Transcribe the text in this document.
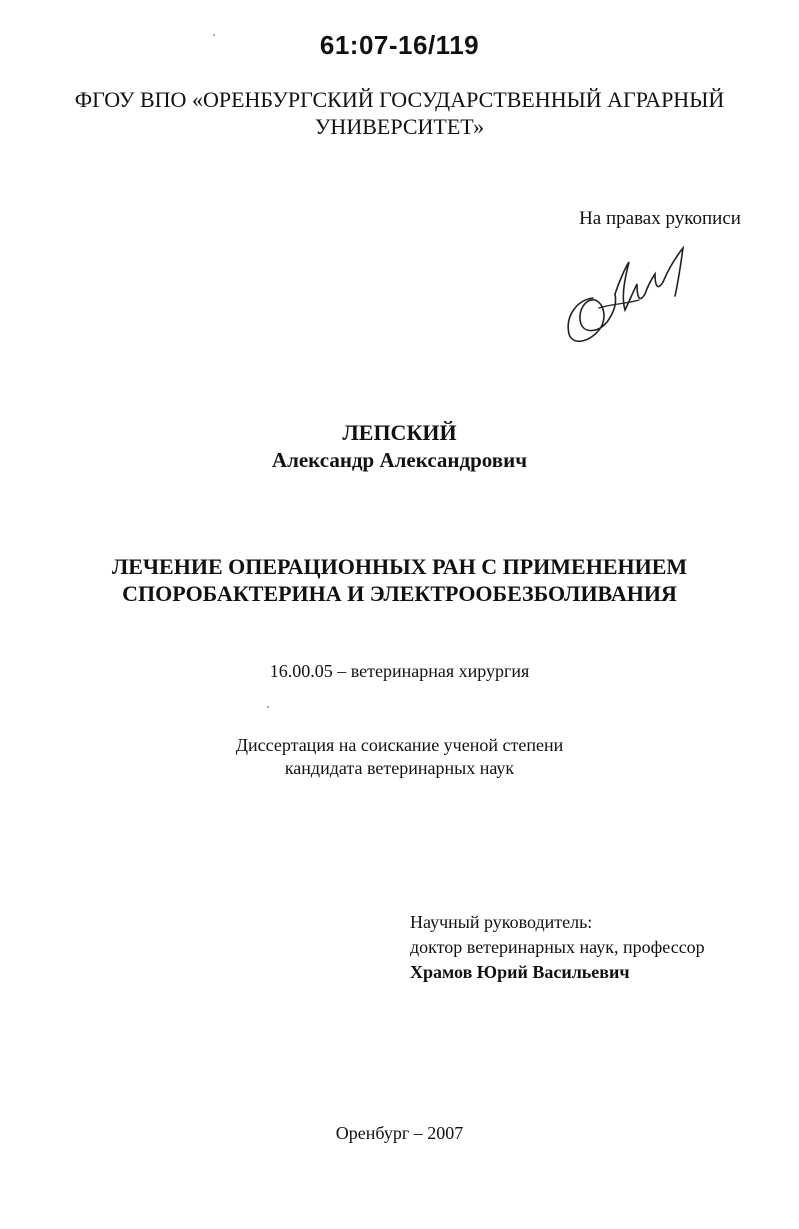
61:07-16/119
ФГОУ ВПО «ОРЕНБУРГСКИЙ ГОСУДАРСТВЕННЫЙ АГРАРНЫЙ
УНИВЕРСИТЕТ»
На правах рукописи
ЛЕПСКИЙ
Александр Александрович
ЛЕЧЕНИЕ ОПЕРАЦИОННЫХ РАН С ПРИМЕНЕНИЕМ
СПОРОБАКТЕРИНА И ЭЛЕКТРООБЕЗБОЛИВАНИЯ
16.00.05 – ветеринарная хирургия
Диссертация на соискание ученой степени
кандидата ветеринарных наук
Научный руководитель:
доктор ветеринарных наук, профессор
Храмов Юрий Васильевич
Оренбург – 2007
